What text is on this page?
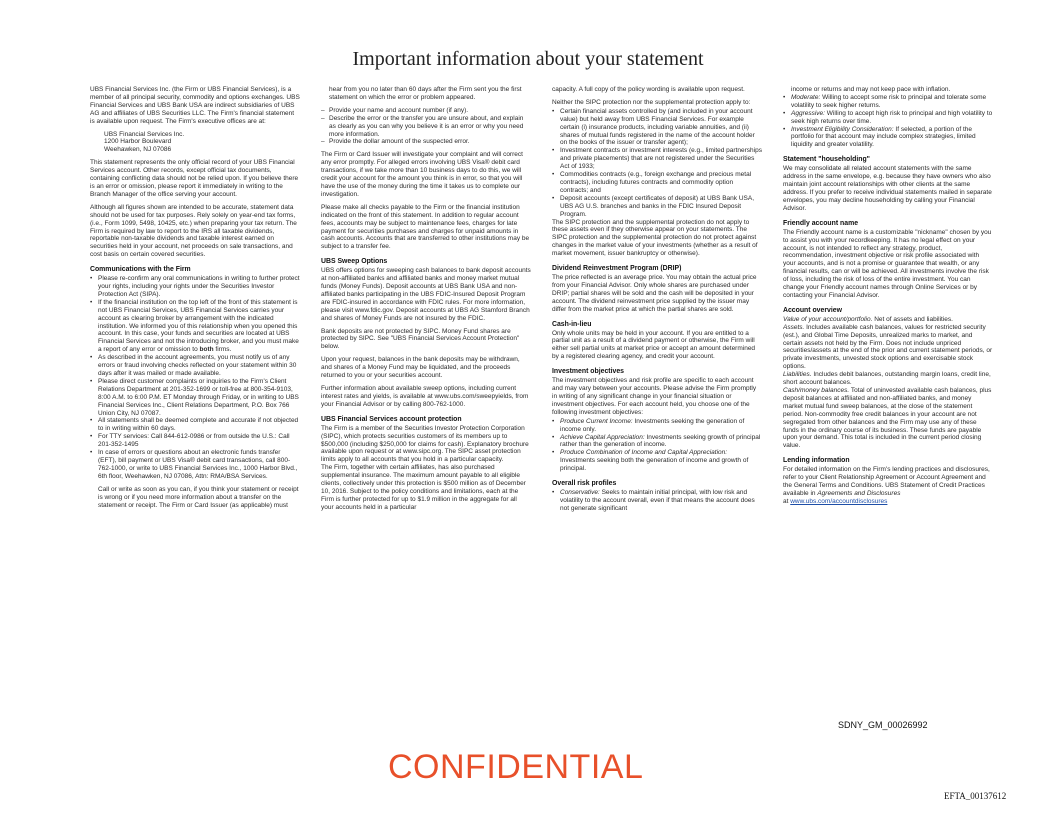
Important information about your statement

UBS Financial Services Inc. (the Firm or UBS Financial Services), is a member of all principal security, commodity and options exchanges. UBS Financial Services and UBS Bank USA are indirect subsidiaries of UBS AG and affiliates of UBS Securities LLC. The Firm's financial statement is available upon request. The Firm's executive offices are at:

UBS Financial Services Inc.
1200 Harbor Boulevard
Weehawken, NJ 07086

This statement represents the only official record of your UBS Financial Services account. Other records, except official tax documents, containing conflicting data should not be relied upon. If you believe there is an error or omission, please report it immediately in writing to the Branch Manager of the office serving your account.

Although all figures shown are intended to be accurate, statement data should not be used for tax purposes. Rely solely on year-end tax forms, (i.e., Form 1099, 5498, 10425, etc.) when preparing your tax return. The Firm is required by law to report to the IRS all taxable dividends, reportable non-taxable dividends and taxable interest earned on securities held in your account, net proceeds on sale transactions, and cost basis on certain covered securities.

Communications with the Firm
• Please re-confirm any oral communications in writing to further protect your rights, including your rights under the Securities Investor Protection Act (SIPA).
• If the financial institution on the top left of the front of this statement is not UBS Financial Services, UBS Financial Services carries your account as clearing broker by arrangement with the indicated institution. We informed you of this relationship when you opened this account. In this case, your funds and securities are located at UBS Financial Services and not the introducing broker, and you must make a report of any error or omission to both firms.
• As described in the account agreements, you must notify us of any errors or fraud involving checks reflected on your statement within 30 days after it was mailed or made available.
• Please direct customer complaints or inquiries to the Firm's Client Relations Department at 201-352-1699 or toll-free at 800-354-9103, 8:00 A.M. to 6:00 P.M. ET Monday through Friday, or in writing to UBS Financial Services Inc., Client Relations Department, P.O. Box 766 Union City, NJ 07087.
• All statements shall be deemed complete and accurate if not objected to in writing within 60 days.
• For TTY services: Call 844-612-0986 or from outside the U.S.: Call 201-352-1495
• In case of errors or questions about an electronic funds transfer (EFT), bill payment or UBS Visa® debit card transactions, call 800-762-1000, or write to UBS Financial Services Inc., 1000 Harbor Blvd., 6th floor, Weehawken, NJ 07086, Attn: RMA/BSA Services.

Call or write as soon as you can, if you think your statement or receipt is wrong or if you need more information about a transfer on the statement or receipt. The Firm or Card Issuer (as applicable) must

hear from you no later than 60 days after the Firm sent you the first statement on which the error or problem appeared.

– Provide your name and account number (if any).
– Describe the error or the transfer you are unsure about, and explain as clearly as you can why you believe it is an error or why you need more information.
– Provide the dollar amount of the suspected error.

The Firm or Card Issuer will investigate your complaint and will correct any error promptly. For alleged errors involving UBS Visa® debit card transactions, if we take more than 10 business days to do this, we will credit your account for the amount you think is in error, so that you will have the use of the money during the time it takes us to complete our investigation.

Please make all checks payable to the Firm or the financial institution indicated on the front of this statement. In addition to regular account fees, accounts may be subject to maintenance fees, charges for late payment for securities purchases and charges for unpaid amounts in cash accounts. Accounts that are transferred to other institutions may be subject to a transfer fee.

UBS Sweep Options

UBS offers options for sweeping cash balances to bank deposit accounts at non-affiliated banks and affiliated banks and money market mutual funds (Money Funds). Deposit accounts at UBS Bank USA and non-affiliated banks participating in the UBS FDIC-Insured Deposit Program are FDIC-insured in accordance with FDIC rules. For more information, please visit www.fdic.gov. Deposit accounts at UBS AG Stamford Branch and shares of Money Funds are not insured by the FDIC.

Bank deposits are not protected by SIPC. Money Fund shares are protected by SIPC. See "UBS Financial Services Account Protection" below.

Upon your request, balances in the bank deposits may be withdrawn, and shares of a Money Fund may be liquidated, and the proceeds returned to you or your securities account.

Further information about available sweep options, including current interest rates and yields, is available at www.ubs.com/sweepyields, from your Financial Advisor or by calling 800-762-1000.

UBS Financial Services account protection

The Firm is a member of the Securities Investor Protection Corporation (SIPC), which protects securities customers of its members up to $500,000 (including $250,000 for claims for cash). Explanatory brochure available upon request or at www.sipc.org. The SIPC asset protection limits apply to all accounts that you hold in a particular capacity.

The Firm, together with certain affiliates, has also purchased supplemental insurance. The maximum amount payable to all eligible clients, collectively under this protection is $500 million as of December 10, 2016. Subject to the policy conditions and limitations, each at the Firm is further protected for up to $1.9 million in the aggregate for all your accounts held in a particular

capacity. A full copy of the policy wording is available upon request.

Neither the SIPC protection nor the supplemental protection apply to:

• Certain financial assets controlled by (and included in your account value) but held away from UBS Financial Services. For example certain (i) insurance products, including variable annuities, and (ii) shares of mutual funds registered in the name of the account holder on the books of the issuer or transfer agent);
• Investment contracts or investment interests (e.g., limited partnerships and private placements) that are not registered under the Securities Act of 1933;
• Commodities contracts (e.g., foreign exchange and precious metal contracts), including futures contracts and commodity option contracts; and
• Deposit accounts (except certificates of deposit) at UBS Bank USA, UBS AG U.S. branches and banks in the FDIC Insured Deposit Program.

The SIPC protection and the supplemental protection do not apply to these assets even if they otherwise appear on your statements. The SIPC protection and the supplemental protection do not protect against changes in the market value of your investments (whether as a result of market movement, issuer bankruptcy or otherwise).

Dividend Reinvestment Program (DRIP)

The price reflected is an average price. You may obtain the actual price from your Financial Advisor. Only whole shares are purchased under DRIP; partial shares will be sold and the cash will be deposited in your account. The dividend reinvestment price supplied by the issuer may differ from the market price at which the partial shares are sold.

Cash-in-lieu

Only whole units may be held in your account. If you are entitled to a partial unit as a result of a dividend payment or otherwise, the Firm will either sell partial units at market price or accept an amount determined by a registered clearing agency, and credit your account.

Investment objectives

The investment objectives and risk profile are specific to each account and may vary between your accounts. Please advise the Firm promptly in writing of any significant change in your financial situation or investment objectives. For each account held, you choose one of the following investment objectives:

• Produce Current Income: Investments seeking the generation of income only.
• Achieve Capital Appreciation: Investments seeking growth of principal rather than the generation of income.
• Produce Combination of Income and Capital Appreciation: Investments seeking both the generation of income and growth of principal.
Overall risk profiles
• Conservative: Seeks to maintain initial principal, with low risk and volatility to the account overall, even if that means the account does not generate significant

income or returns and may not keep pace with inflation.

• Moderate: Willing to accept some risk to principal and tolerate some volatility to seek higher returns.
• Aggressive: Willing to accept high risk to principal and high volatility to seek high returns over time.
• Investment Eligibility Consideration: If selected, a portion of the portfolio for that account may include complex strategies, limited liquidity and greater volatility.
Statement "householding"

We may consolidate all related account statements with the same address in the same envelope, e.g. because they have owners who also maintain joint account relationships with other clients at the same address. If you prefer to receive individual statements mailed in separate envelopes, you may decline householding by calling your Financial Advisor.

Friendly account name

The Friendly account name is a customizable "nickname" chosen by you to assist you with your recordkeeping. It has no legal effect on your account, is not intended to reflect any strategy, product, recommendation, investment objective or risk profile associated with your accounts, and is not a promise or guarantee that wealth, or any financial results, can or will be achieved. All investments involve the risk of loss, including the risk of loss of the entire investment. You can change your Friendly account names through Online Services or by contacting your Financial Advisor.

Account overview
• Value of your account/portfolio. Net of assets and liabilities.
• Assets. Includes available cash balances, values for restricted security (est.), and Global Time Deposits, unrealized marks to market, and certain assets not held by the Firm. Does not include unpriced securities/assets at the end of the prior and current statement periods, or private investments, unvested stock options and exercisable stock options.
• Liabilities. Includes debit balances, outstanding margin loans, credit line, short account balances.
• Cash/money balances. Total of uninvested available cash balances, plus deposit balances at affiliated and non-affiliated banks, and money market mutual fund sweep balances, at the close of the statement period. Non-commodity free credit balances in your account are not segregated from other balances and the Firm may use any of these funds in the ordinary course of its business. These funds are payable upon your demand. This total is included in the current period closing value.
Lending information

For detailed information on the Firm's lending practices and disclosures, refer to your Client Relationship Agreement or Account Agreement and the General Terms and Conditions. UBS Statement of Credit Practices available in Agreements and Disclosures
at www.ubs.com/accountdisclosures

SDNY_GM_00026992
CONFIDENTIAL
EFTA_00137612
